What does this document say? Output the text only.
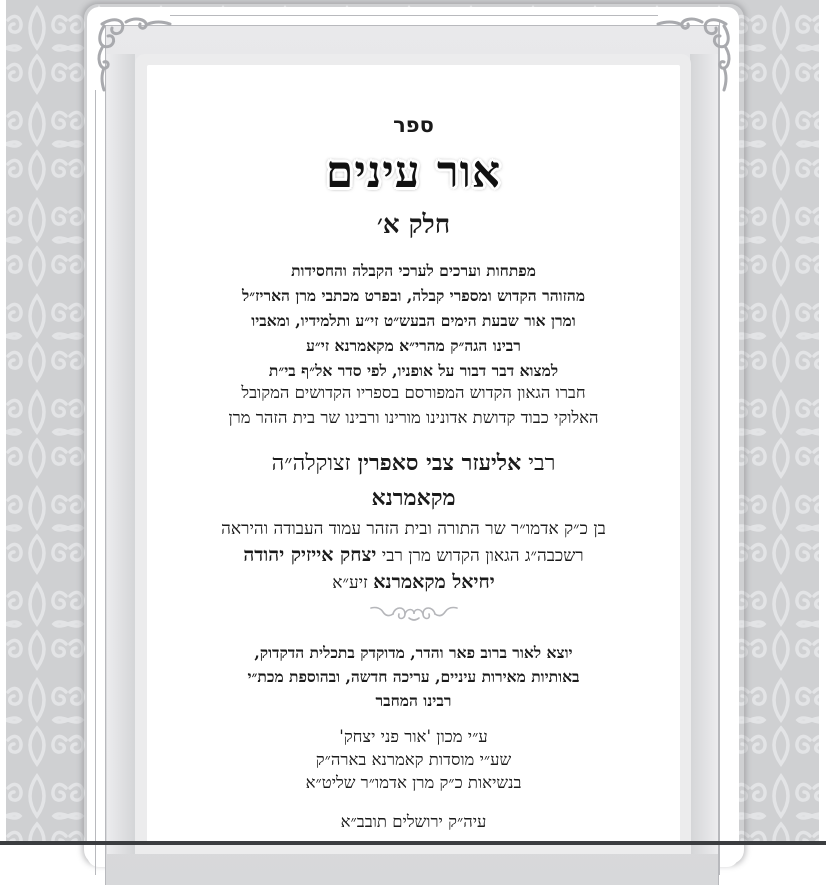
ספר
אור עינים
חלק א׳
מפתחות וערכים לערכי הקבלה והחסידות
מהזוהר הקדוש ומספרי קבלה, ובפרט מכתבי מרן האריז״ל
ומרן אור שבעת הימים הבעש״ט זי״ע ותלמידיו, ומאביו
רבינו הגה״ק מהרי״א מקאמרנא זי״ע
למצוא דבר דבור על אופניו, לפי סדר אל״ף בי״ת
חברו הגאון הקדוש המפורסם בספריו הקדושים המקובל
האלוקי כבוד קדושת אדונינו מורינו ורבינו שר בית הזהר מרן
רבי אליעזר צבי סאפרין זצוקלה״ה
מקאמרנא
בן כ״ק אדמו״ר שר התורה ובית הזהר עמוד העבודה והיראה
רשכבה״ג הגאון הקדוש מרן רבי יצחק אייזיק יהודה
יחיאל מקאמרנא זיע״א
יוצא לאור ברוב פאר והדר, מדוקדק בתכלית הדקדוק,
באותיות מאירות עיניים, עריכה חדשה, ובהוספת מכת״י
רבינו המחבר
ע״י מכון 'אור פני יצחק'
שע״י מוסדות קאמרנא בארה״ק
בנשיאות כ״ק מרן אדמו״ר שליט״א
עיה״ק ירושלים תובב״א
